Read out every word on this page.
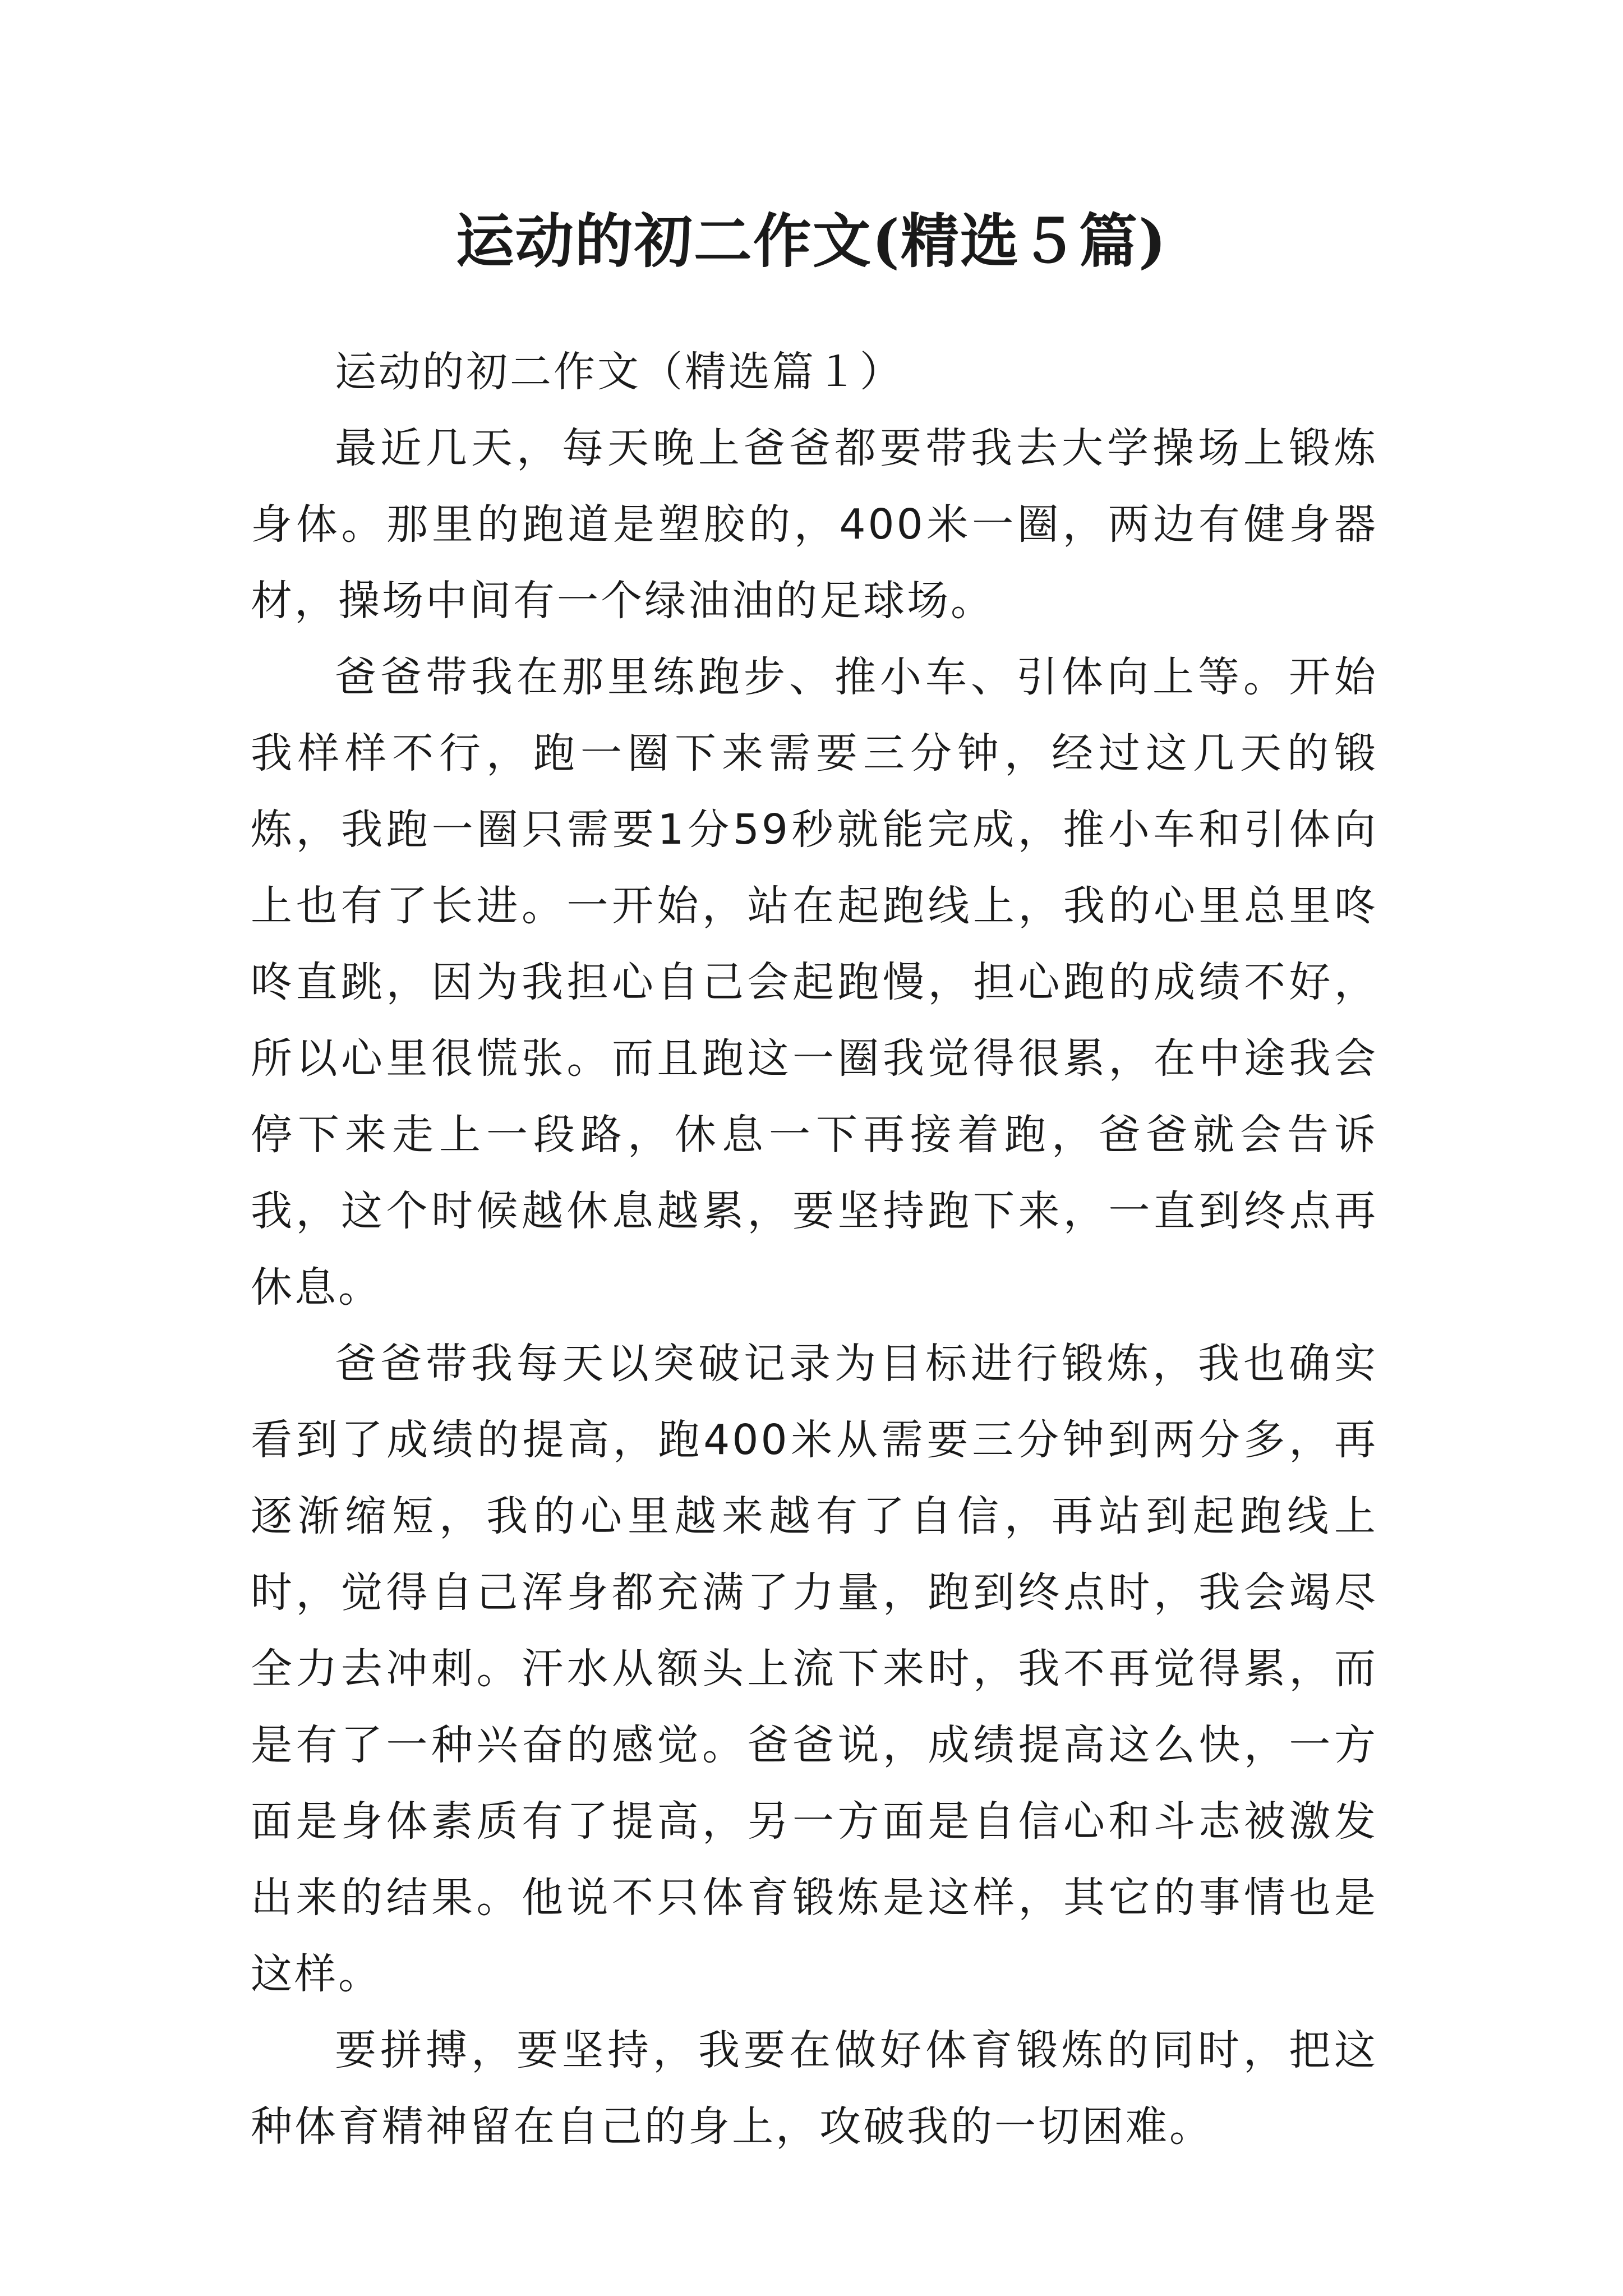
运动的初二作文(精选５篇)
运动的初二作文（精选篇１）

最近几天，每天晚上爸爸都要带我去大学操场上锻炼身体。那里的跑道是塑胶的，400米一圈，两边有健身器材，操场中间有一个绿油油的足球场。

爸爸带我在那里练跑步、推小车、引体向上等。开始我样样不行，跑一圈下来需要三分钟，经过这几天的锻炼，我跑一圈只需要1分59秒就能完成，推小车和引体向上也有了长进。一开始，站在起跑线上，我的心里总里咚咚直跳，因为我担心自己会起跑慢，担心跑的成绩不好，所以心里很慌张。而且跑这一圈我觉得很累，在中途我会停下来走上一段路，休息一下再接着跑，爸爸就会告诉我，这个时候越休息越累，要坚持跑下来，一直到终点再休息。

爸爸带我每天以突破记录为目标进行锻炼，我也确实看到了成绩的提高，跑400米从需要三分钟到两分多，再逐渐缩短，我的心里越来越有了自信，再站到起跑线上时，觉得自己浑身都充满了力量，跑到终点时，我会竭尽全力去冲刺。汗水从额头上流下来时，我不再觉得累，而是有了一种兴奋的感觉。爸爸说，成绩提高这么快，一方面是身体素质有了提高，另一方面是自信心和斗志被激发出来的结果。他说不只体育锻炼是这样，其它的事情也是这样。

要拼搏，要坚持，我要在做好体育锻炼的同时，把这种体育精神留在自己的身上，攻破我的一切困难。
